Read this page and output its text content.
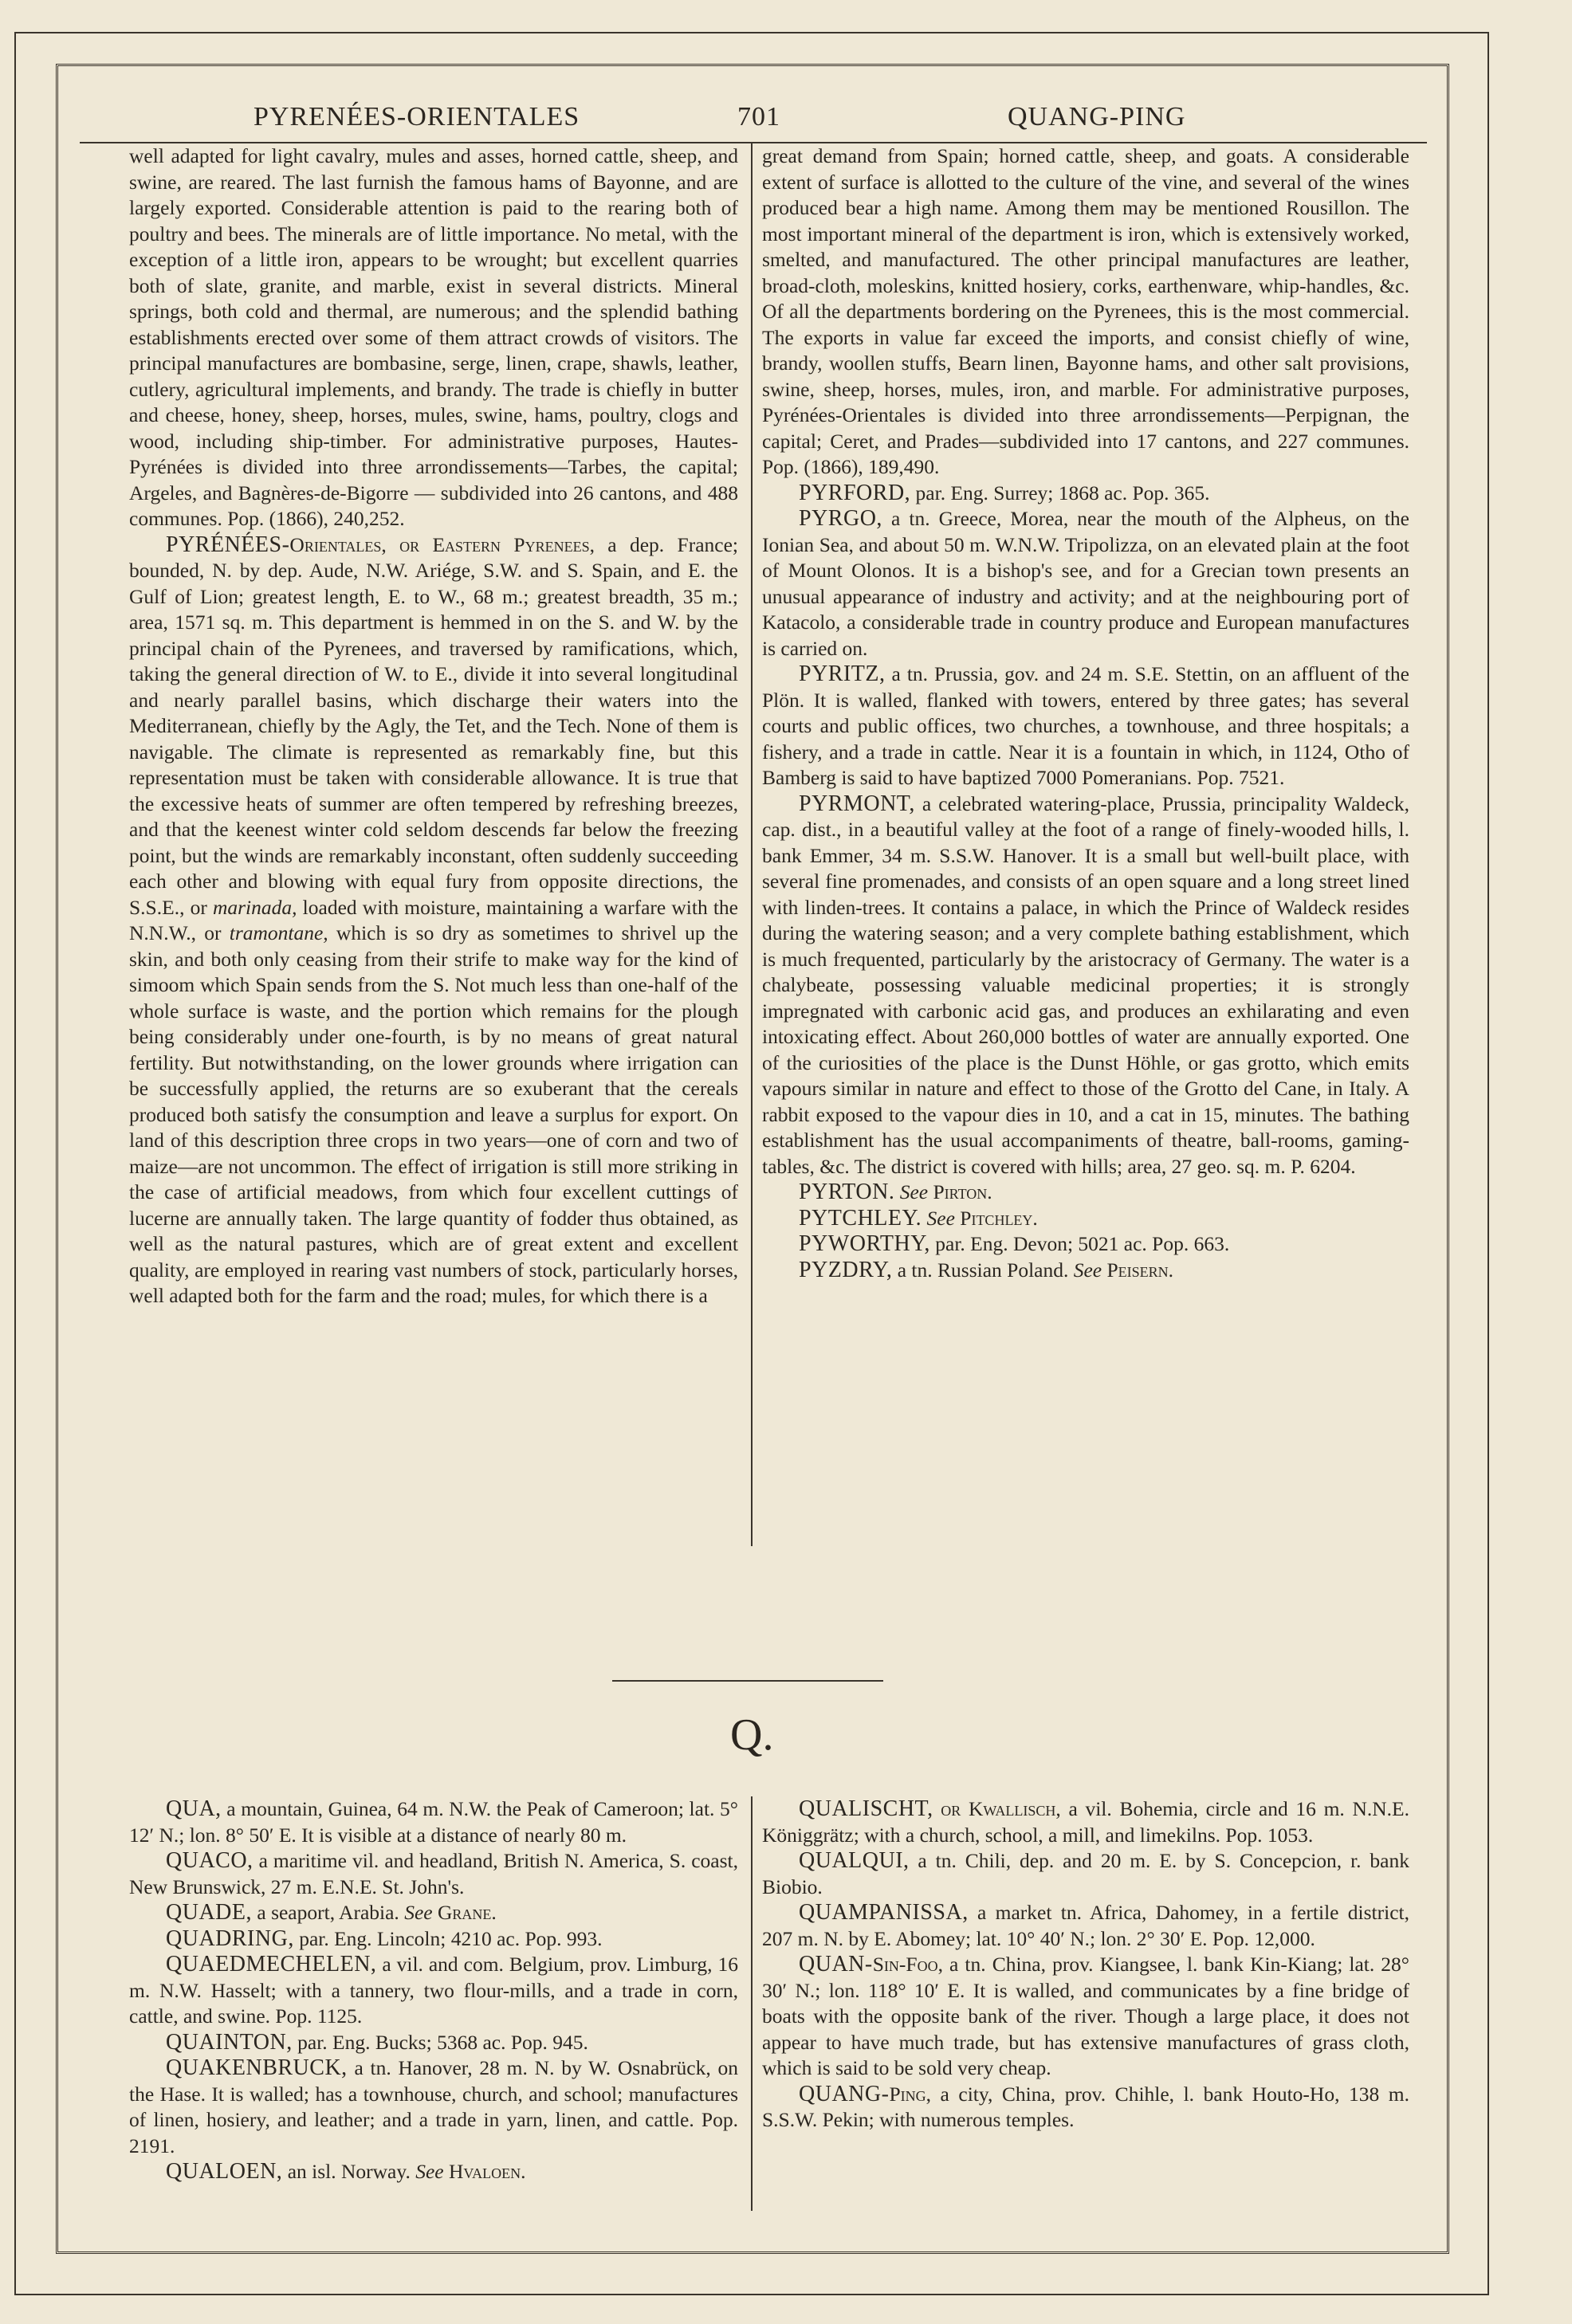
PYRENÉES-ORIENTALES	701	QUANG-PING

well adapted for light cavalry, mules and asses, horned cattle, sheep, and swine, are reared. The last furnish the famous hams of Bayonne, and are largely exported. Considerable attention is paid to the rearing both of poultry and bees. The minerals are of little importance. No metal, with the exception of a little iron, appears to be wrought; but excellent quarries both of slate, granite, and marble, exist in several districts. Mineral springs, both cold and thermal, are numerous; and the splendid bathing establishments erected over some of them attract crowds of visitors. The principal manufactures are bombasine, serge, linen, crape, shawls, leather, cutlery, agricultural implements, and brandy. The trade is chiefly in butter and cheese, honey, sheep, horses, mules, swine, hams, poultry, clogs and wood, including ship-timber. For administrative purposes, Hautes-Pyrénées is divided into three arrondissements—Tarbes, the capital; Argeles, and Bagnères-de-Bigorre — subdivided into 26 cantons, and 488 communes. Pop. (1866), 240,252.

PYRÉNÉES-Orientales, or Eastern Pyrenees, a dep. France; bounded, N. by dep. Aude, N.W. Ariége, S.W. and S. Spain, and E. the Gulf of Lion; greatest length, E. to W., 68 m.; greatest breadth, 35 m.; area, 1571 sq. m. This department is hemmed in on the S. and W. by the principal chain of the Pyrenees, and traversed by ramifications, which, taking the general direction of W. to E., divide it into several longitudinal and nearly parallel basins, which discharge their waters into the Mediterranean, chiefly by the Agly, the Tet, and the Tech. None of them is navigable. The climate is represented as remarkably fine, but this representation must be taken with considerable allowance. It is true that the excessive heats of summer are often tempered by refreshing breezes, and that the keenest winter cold seldom descends far below the freezing point, but the winds are remarkably inconstant, often suddenly succeeding each other and blowing with equal fury from opposite directions, the S.S.E., or marinada, loaded with moisture, maintaining a warfare with the N.N.W., or tramontane, which is so dry as sometimes to shrivel up the skin, and both only ceasing from their strife to make way for the kind of simoom which Spain sends from the S. Not much less than one-half of the whole surface is waste, and the portion which remains for the plough being considerably under one-fourth, is by no means of great natural fertility. But notwithstanding, on the lower grounds where irrigation can be successfully applied, the returns are so exuberant that the cereals produced both satisfy the consumption and leave a surplus for export. On land of this description three crops in two years—one of corn and two of maize—are not uncommon. The effect of irrigation is still more striking in the case of artificial meadows, from which four excellent cuttings of lucerne are annually taken. The large quantity of fodder thus obtained, as well as the natural pastures, which are of great extent and excellent quality, are employed in rearing vast numbers of stock, particularly horses, well adapted both for the farm and the road; mules, for which there is a

great demand from Spain; horned cattle, sheep, and goats. A considerable extent of surface is allotted to the culture of the vine, and several of the wines produced bear a high name. Among them may be mentioned Rousillon. The most important mineral of the department is iron, which is extensively worked, smelted, and manufactured. The other principal manufactures are leather, broad-cloth, moleskins, knitted hosiery, corks, earthenware, whip-handles, &c. Of all the departments bordering on the Pyrenees, this is the most commercial. The exports in value far exceed the imports, and consist chiefly of wine, brandy, woollen stuffs, Bearn linen, Bayonne hams, and other salt provisions, swine, sheep, horses, mules, iron, and marble. For administrative purposes, Pyrénées-Orientales is divided into three arrondissements—Perpignan, the capital; Ceret, and Prades—subdivided into 17 cantons, and 227 communes. Pop. (1866), 189,490.

PYRFORD, par. Eng. Surrey; 1868 ac. Pop. 365.

PYRGO, a tn. Greece, Morea, near the mouth of the Alpheus, on the Ionian Sea, and about 50 m. W.N.W. Tripolizza, on an elevated plain at the foot of Mount Olonos. It is a bishop's see, and for a Grecian town presents an unusual appearance of industry and activity; and at the neighbouring port of Katacolo, a considerable trade in country produce and European manufactures is carried on.

PYRITZ, a tn. Prussia, gov. and 24 m. S.E. Stettin, on an affluent of the Plön. It is walled, flanked with towers, entered by three gates; has several courts and public offices, two churches, a townhouse, and three hospitals; a fishery, and a trade in cattle. Near it is a fountain in which, in 1124, Otho of Bamberg is said to have baptized 7000 Pomeranians. Pop. 7521.

PYRMONT, a celebrated watering-place, Prussia, principality Waldeck, cap. dist., in a beautiful valley at the foot of a range of finely-wooded hills, l. bank Emmer, 34 m. S.S.W. Hanover. It is a small but well-built place, with several fine promenades, and consists of an open square and a long street lined with linden-trees. It contains a palace, in which the Prince of Waldeck resides during the watering season; and a very complete bathing establishment, which is much frequented, particularly by the aristocracy of Germany. The water is a chalybeate, possessing valuable medicinal properties; it is strongly impregnated with carbonic acid gas, and produces an exhilarating and even intoxicating effect. About 260,000 bottles of water are annually exported. One of the curiosities of the place is the Dunst Höhle, or gas grotto, which emits vapours similar in nature and effect to those of the Grotto del Cane, in Italy. A rabbit exposed to the vapour dies in 10, and a cat in 15, minutes. The bathing establishment has the usual accompaniments of theatre, ball-rooms, gaming-tables, &c. The district is covered with hills; area, 27 geo. sq. m. P. 6204.

PYRTON. See Pirton.

PYTCHLEY. See Pitchley.

PYWORTHY, par. Eng. Devon; 5021 ac. Pop. 663.

PYZDRY, a tn. Russian Poland. See Peisern.

Q.

QUA, a mountain, Guinea, 64 m. N.W. the Peak of Cameroon; lat. 5° 12′ N.; lon. 8° 50′ E. It is visible at a distance of nearly 80 m.

QUACO, a maritime vil. and headland, British N. America, S. coast, New Brunswick, 27 m. E.N.E. St. John's.

QUADE, a seaport, Arabia. See Grane.

QUADRING, par. Eng. Lincoln; 4210 ac. Pop. 993.

QUAEDMECHELEN, a vil. and com. Belgium, prov. Limburg, 16 m. N.W. Hasselt; with a tannery, two flour-mills, and a trade in corn, cattle, and swine. Pop. 1125.

QUAINTON, par. Eng. Bucks; 5368 ac. Pop. 945.

QUAKENBRUCK, a tn. Hanover, 28 m. N. by W. Osnabrück, on the Hase. It is walled; has a townhouse, church, and school; manufactures of linen, hosiery, and leather; and a trade in yarn, linen, and cattle. Pop. 2191.

QUALOEN, an isl. Norway. See Hvaloen.

QUALISCHT, or Kwallisch, a vil. Bohemia, circle and 16 m. N.N.E. Königgrätz; with a church, school, a mill, and limekilns. Pop. 1053.

QUALQUI, a tn. Chili, dep. and 20 m. E. by S. Concepcion, r. bank Biobio.

QUAMPANISSA, a market tn. Africa, Dahomey, in a fertile district, 207 m. N. by E. Abomey; lat. 10° 40′ N.; lon. 2° 30′ E. Pop. 12,000.

QUAN-Sin-Foo, a tn. China, prov. Kiangsee, l. bank Kin-Kiang; lat. 28° 30′ N.; lon. 118° 10′ E. It is walled, and communicates by a fine bridge of boats with the opposite bank of the river. Though a large place, it does not appear to have much trade, but has extensive manufactures of grass cloth, which is said to be sold very cheap.

QUANG-Ping, a city, China, prov. Chihle, l. bank Houto-Ho, 138 m. S.S.W. Pekin; with numerous temples.
